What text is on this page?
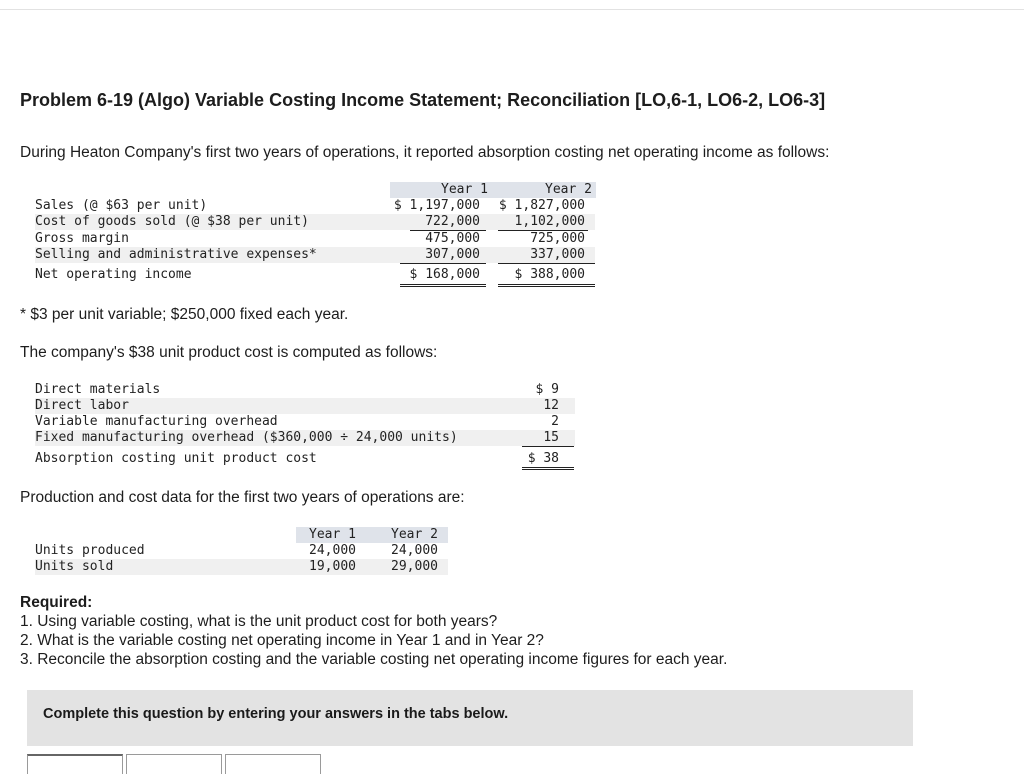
Problem 6-19 (Algo) Variable Costing Income Statement; Reconciliation [LO,6-1, LO6-2, LO6-3]
During Heaton Company's first two years of operations, it reported absorption costing net operating income as follows:
Year 1	Year 2
Sales (@ $63 per unit)	$ 1,197,000	$ 1,827,000
Cost of goods sold (@ $38 per unit)	722,000	1,102,000
Gross margin	475,000	725,000
Selling and administrative expenses*	307,000	337,000
Net operating income	$ 168,000	$ 388,000
* $3 per unit variable; $250,000 fixed each year.
The company's $38 unit product cost is computed as follows:
Direct materials	$ 9
Direct labor	12
Variable manufacturing overhead	2
Fixed manufacturing overhead ($360,000 ÷ 24,000 units)	15
Absorption costing unit product cost	$ 38
Production and cost data for the first two years of operations are:
Year 1	Year 2
Units produced	24,000	24,000
Units sold	19,000	29,000
Required:
1. Using variable costing, what is the unit product cost for both years?
2. What is the variable costing net operating income in Year 1 and in Year 2?
3. Reconcile the absorption costing and the variable costing net operating income figures for each year.
Complete this question by entering your answers in the tabs below.
